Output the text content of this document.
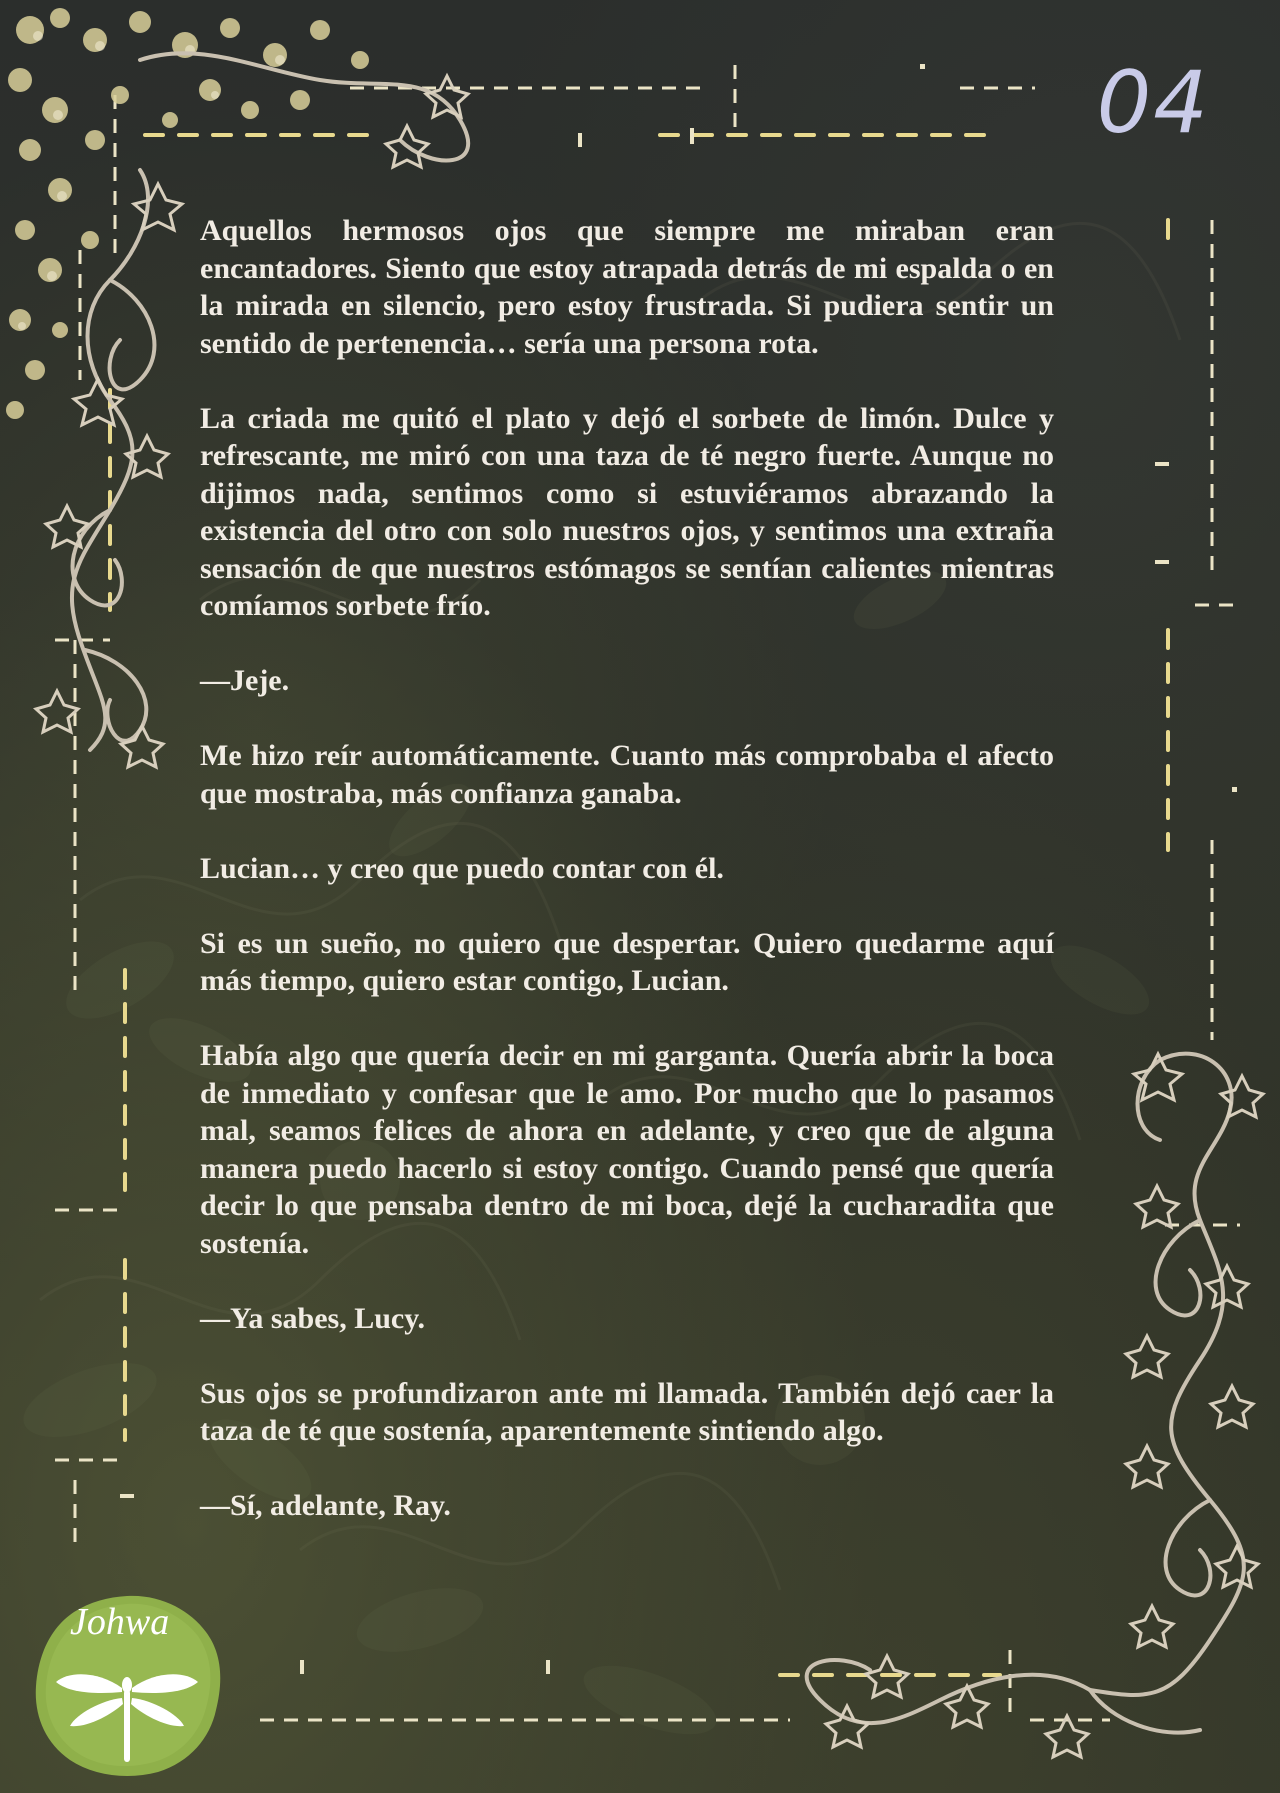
04

Aquellos hermosos ojos que siempre me miraban eran encantadores. Siento que estoy atrapada detrás de mi espalda o en la mirada en silencio, pero estoy frustrada. Si pudiera sentir un sentido de pertenencia… sería una persona rota.

La criada me quitó el plato y dejó el sorbete de limón. Dulce y refrescante, me miró con una taza de té negro fuerte. Aunque no dijimos nada, sentimos como si estuviéramos abrazando la existencia del otro con solo nuestros ojos, y sentimos una extraña sensación de que nuestros estómagos se sentían calientes mientras comíamos sorbete frío.

—Jeje.

Me hizo reír automáticamente. Cuanto más comprobaba el afecto que mostraba, más confianza ganaba.

Lucian… y creo que puedo contar con él.

Si es un sueño, no quiero que despertar. Quiero quedarme aquí más tiempo, quiero estar contigo, Lucian.

Había algo que quería decir en mi garganta. Quería abrir la boca de inmediato y confesar que le amo. Por mucho que lo pasamos mal, seamos felices de ahora en adelante, y creo que de alguna manera puedo hacerlo si estoy contigo. Cuando pensé que quería decir lo que pensaba dentro de mi boca, dejé la cucharadita que sostenía.

—Ya sabes, Lucy.

Sus ojos se profundizaron ante mi llamada. También dejó caer la taza de té que sostenía, aparentemente sintiendo algo.

—Sí, adelante, Ray.

Johwa
